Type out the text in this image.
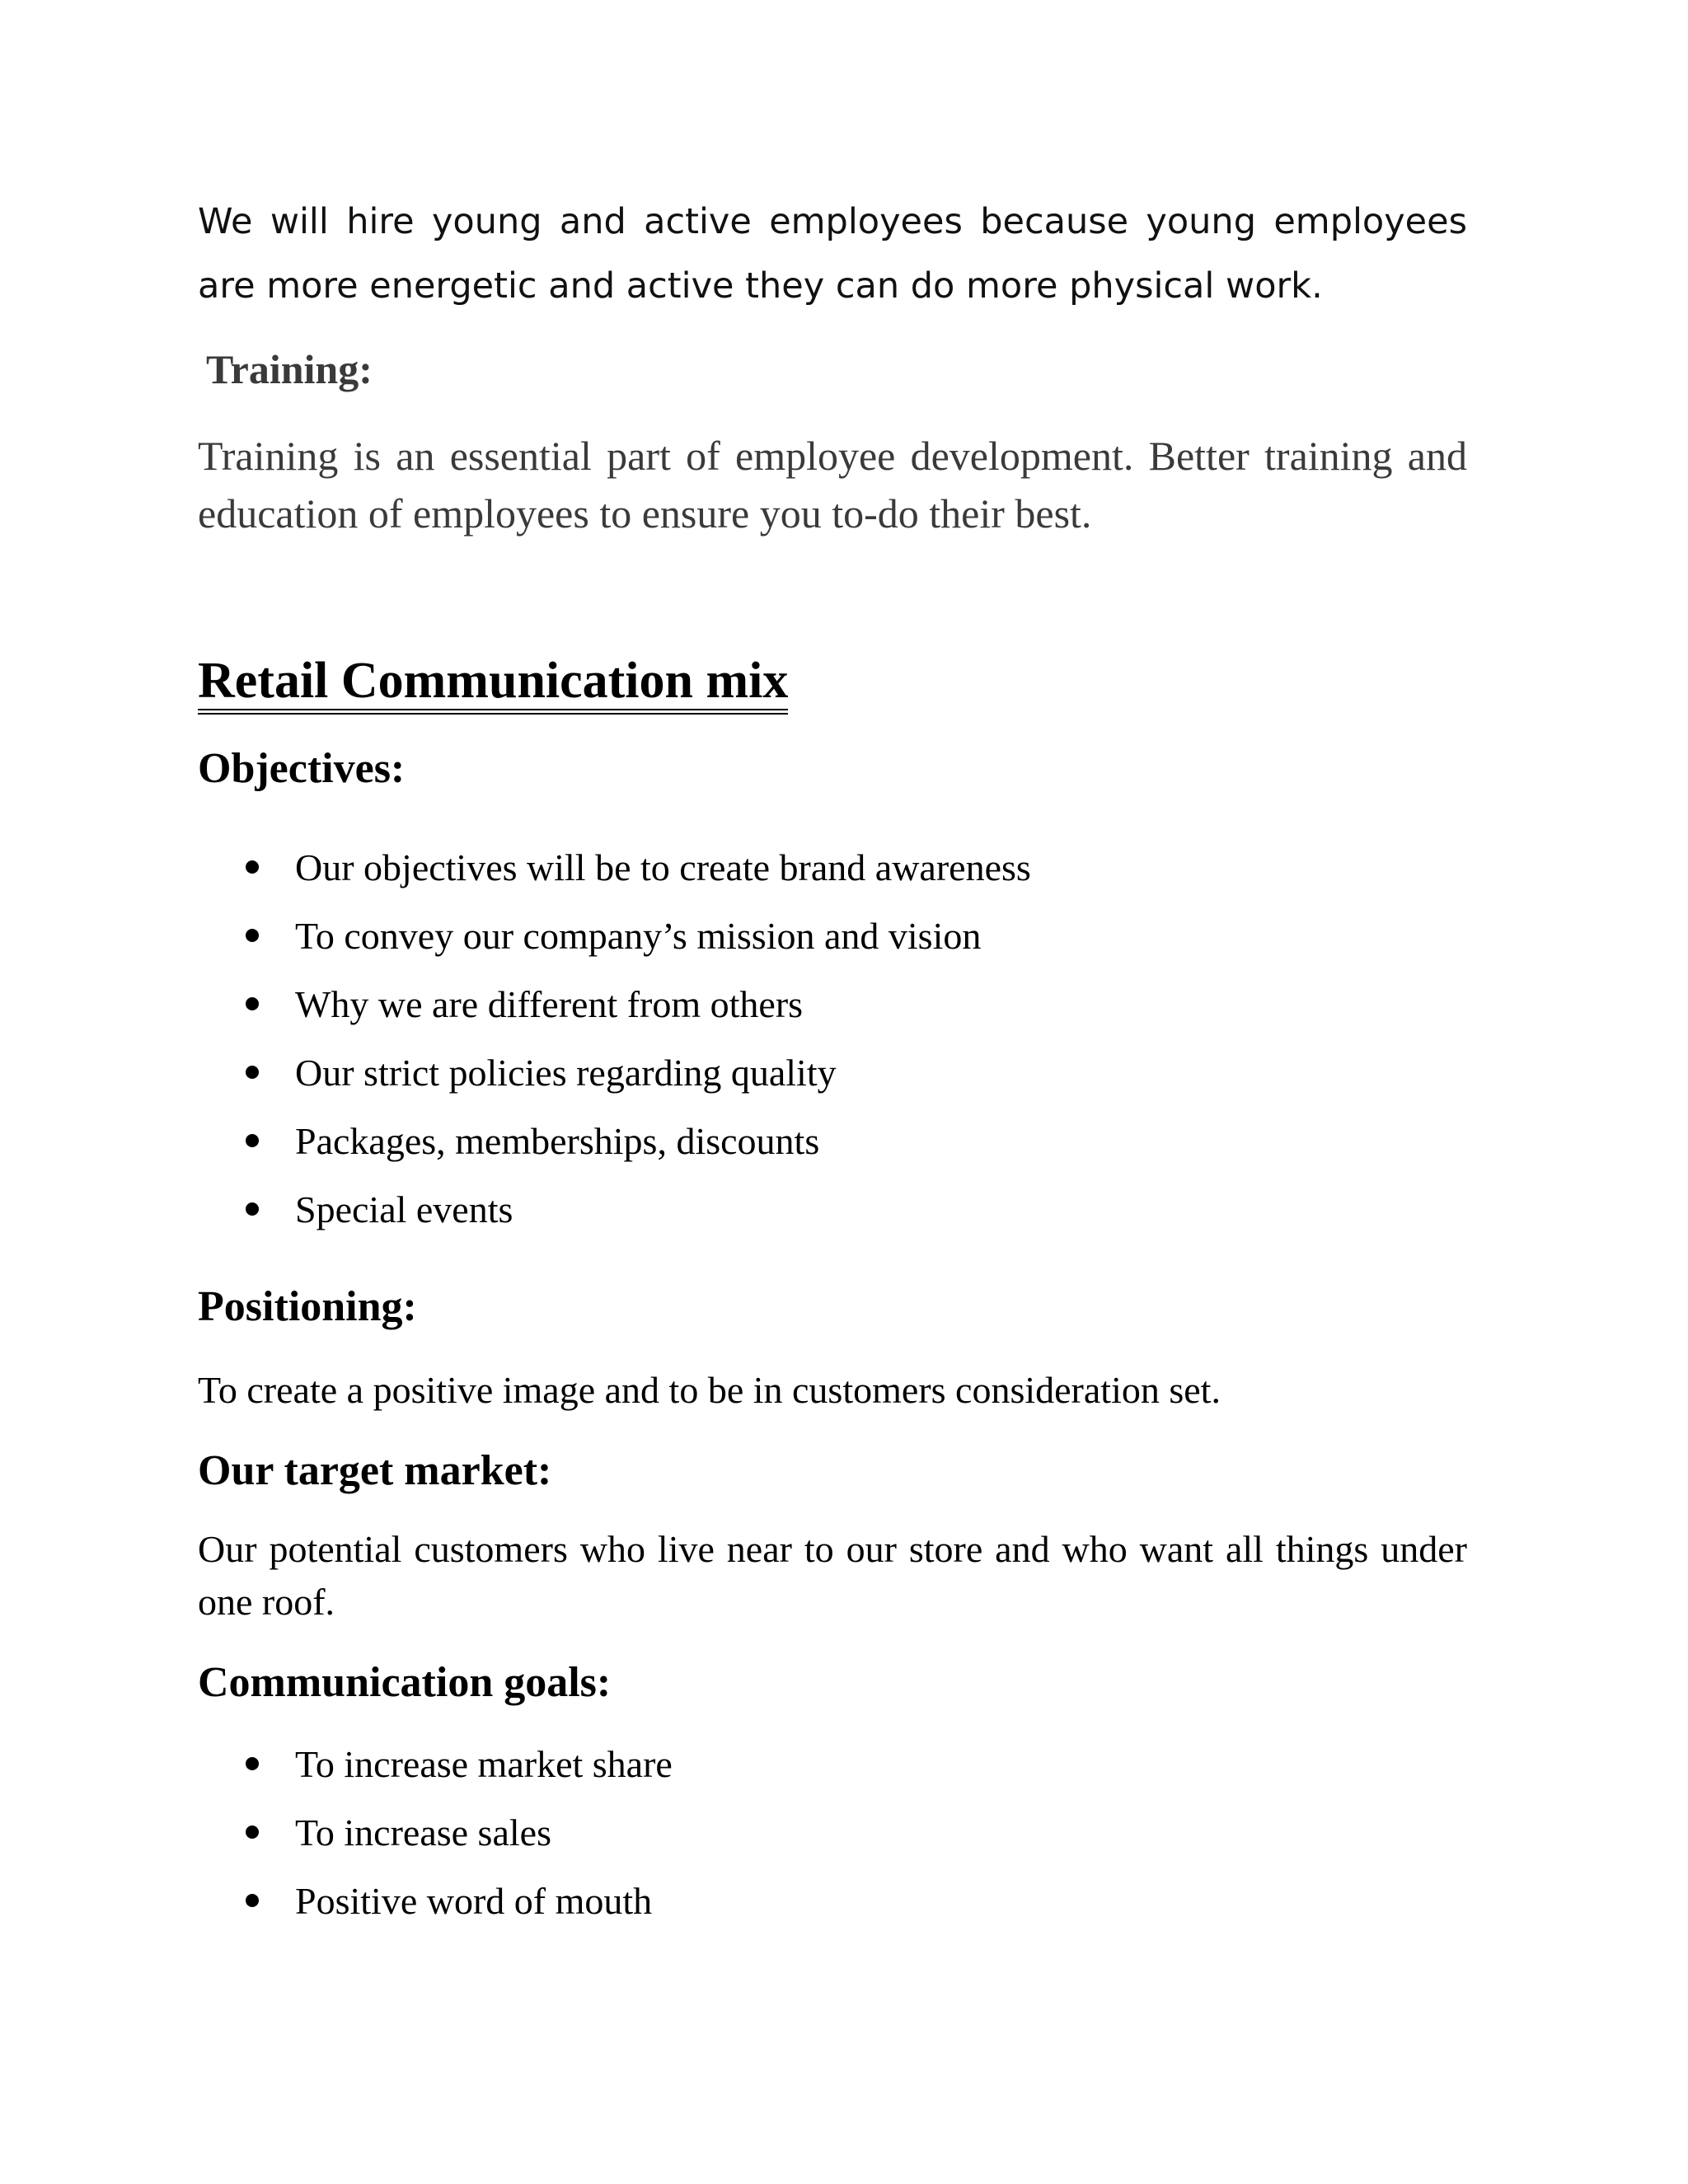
We will hire young and active employees because young employees are more energetic and active they can do more physical work.

Training:

Training is an essential part of employee development. Better training and education of employees to ensure you to-do their best.

Retail Communication mix
Objectives:
Our objectives will be to create brand awareness
To convey our company’s mission and vision
Why we are different from others
Our strict policies regarding quality
Packages, memberships, discounts
Special events
Positioning:

To create a positive image and to be in customers consideration set.

Our target market:

Our potential customers who live near to our store and who want all things under one roof.

Communication goals:
To increase market share
To increase sales
Positive word of mouth
